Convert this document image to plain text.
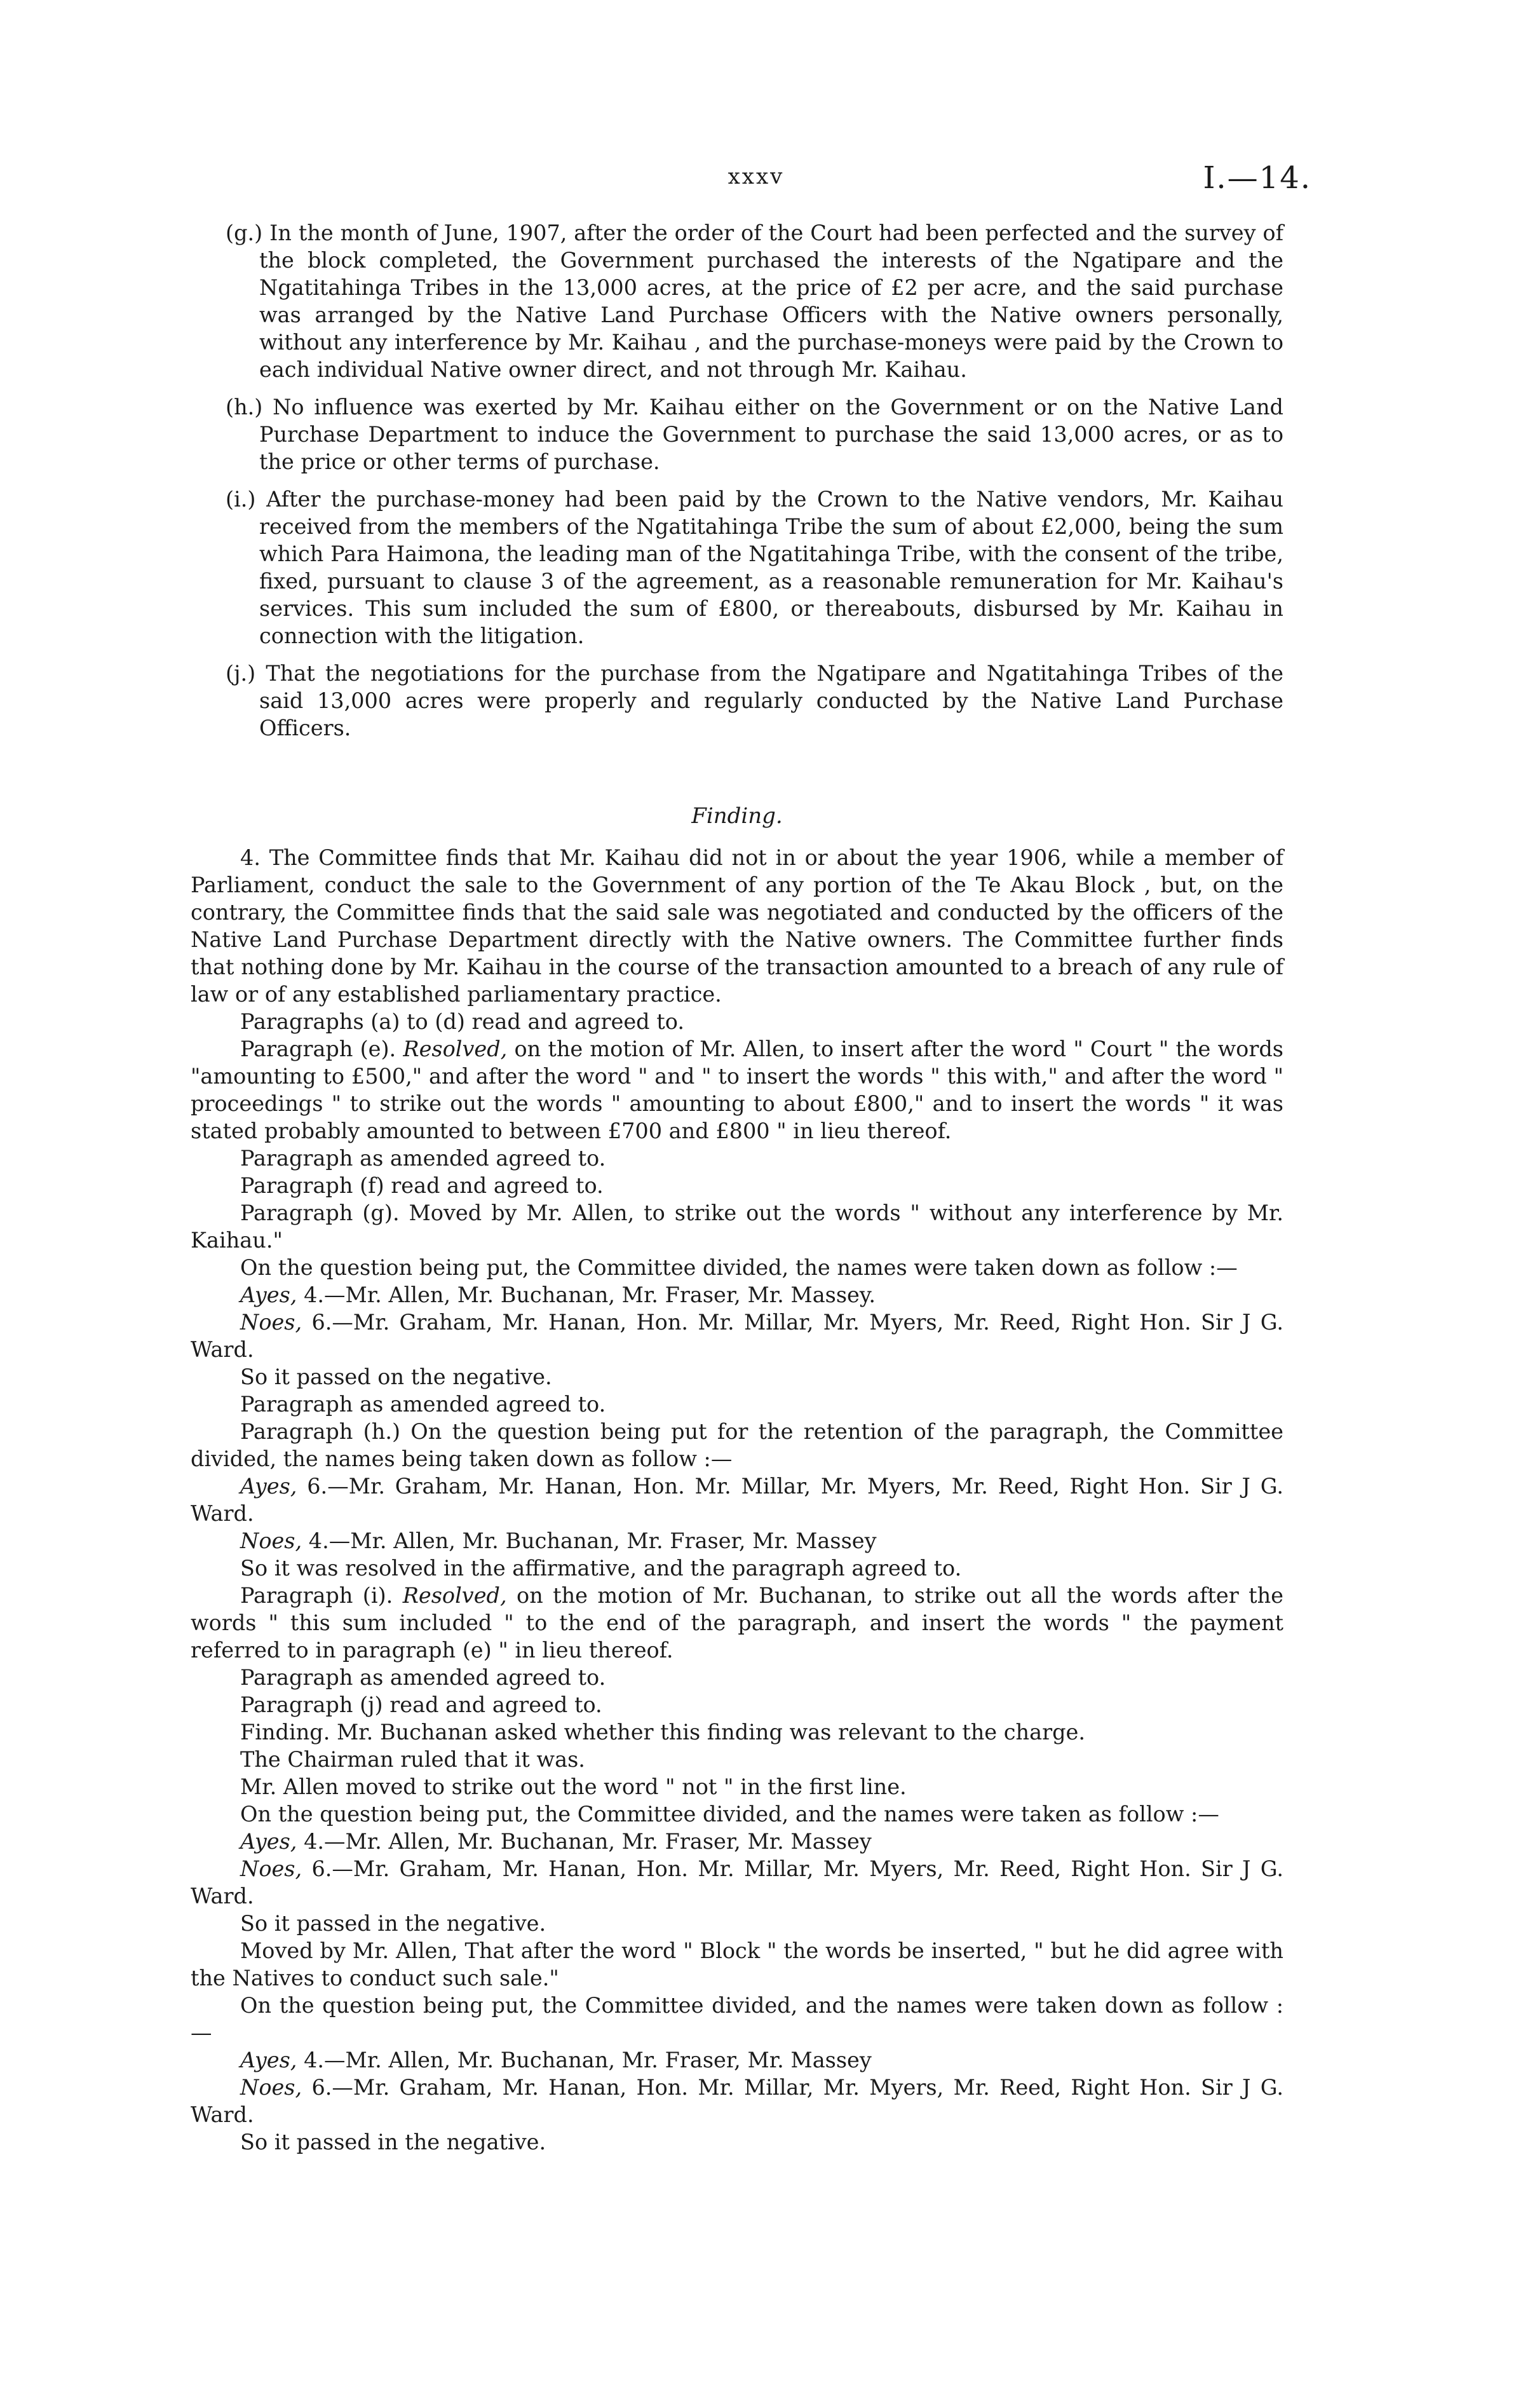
xxxv	I.—14.
(g.) In the month of June, 1907, after the order of the Court had been perfected and the survey of the block completed, the Government purchased the interests of the Ngatipare and the Ngatitahinga Tribes in the 13,000 acres, at the price of £2 per acre, and the said purchase was arranged by the Native Land Purchase Officers with the Native owners personally, without any interference by Mr. Kaihau , and the purchase-moneys were paid by the Crown to each individual Native owner direct, and not through Mr. Kaihau.
(h.) No influence was exerted by Mr. Kaihau either on the Government or on the Native Land Purchase Department to induce the Government to purchase the said 13,000 acres, or as to the price or other terms of purchase.
(i.) After the purchase-money had been paid by the Crown to the Native vendors, Mr. Kaihau received from the members of the Ngatitahinga Tribe the sum of about £2,000, being the sum which Para Haimona, the leading man of the Ngatitahinga Tribe, with the consent of the tribe, fixed, pursuant to clause 3 of the agreement, as a reasonable remuneration for Mr. Kaihau's services. This sum included the sum of £800, or thereabouts, disbursed by Mr. Kaihau in connection with the litigation.
(j.) That the negotiations for the purchase from the Ngatipare and Ngatitahinga Tribes of the said 13,000 acres were properly and regularly conducted by the Native Land Purchase Officers.
Finding.

4. The Committee finds that Mr. Kaihau did not in or about the year 1906, while a member of Parliament, conduct the sale to the Government of any portion of the Te Akau Block , but, on the contrary, the Committee finds that the said sale was negotiated and conducted by the officers of the Native Land Purchase Department directly with the Native owners. The Committee further finds that nothing done by Mr. Kaihau in the course of the transaction amounted to a breach of any rule of law or of any established parliamentary practice.

Paragraphs (a) to (d) read and agreed to.

Paragraph (e). Resolved, on the motion of Mr. Allen, to insert after the word " Court " the words "amounting to £500," and after the word " and " to insert the words " this with," and after the word " proceedings " to strike out the words " amounting to about £800," and to insert the words " it was stated probably amounted to between £700 and £800 " in lieu thereof.

Paragraph as amended agreed to.

Paragraph (f) read and agreed to.

Paragraph (g). Moved by Mr. Allen, to strike out the words " without any interference by Mr. Kaihau."

On the question being put, the Committee divided, the names were taken down as follow :—

Ayes, 4.—Mr. Allen, Mr. Buchanan, Mr. Fraser, Mr. Massey.

Noes, 6.—Mr. Graham, Mr. Hanan, Hon. Mr. Millar, Mr. Myers, Mr. Reed, Right Hon. Sir J G. Ward.

So it passed on the negative.

Paragraph as amended agreed to.

Paragraph (h.) On the question being put for the retention of the paragraph, the Committee divided, the names being taken down as follow :—

Ayes, 6.—Mr. Graham, Mr. Hanan, Hon. Mr. Millar, Mr. Myers, Mr. Reed, Right Hon. Sir J G. Ward.

Noes, 4.—Mr. Allen, Mr. Buchanan, Mr. Fraser, Mr. Massey

So it was resolved in the affirmative, and the paragraph agreed to.

Paragraph (i). Resolved, on the motion of Mr. Buchanan, to strike out all the words after the words " this sum included " to the end of the paragraph, and insert the words " the payment referred to in paragraph (e) " in lieu thereof.

Paragraph as amended agreed to.

Paragraph (j) read and agreed to.

Finding. Mr. Buchanan asked whether this finding was relevant to the charge.

The Chairman ruled that it was.

Mr. Allen moved to strike out the word " not " in the first line.

On the question being put, the Committee divided, and the names were taken as follow :—

Ayes, 4.—Mr. Allen, Mr. Buchanan, Mr. Fraser, Mr. Massey

Noes, 6.—Mr. Graham, Mr. Hanan, Hon. Mr. Millar, Mr. Myers, Mr. Reed, Right Hon. Sir J G. Ward.

So it passed in the negative.

Moved by Mr. Allen, That after the word " Block " the words be inserted, " but he did agree with the Natives to conduct such sale."

On the question being put, the Committee divided, and the names were taken down as follow :—

Ayes, 4.—Mr. Allen, Mr. Buchanan, Mr. Fraser, Mr. Massey

Noes, 6.—Mr. Graham, Mr. Hanan, Hon. Mr. Millar, Mr. Myers, Mr. Reed, Right Hon. Sir J G. Ward.

So it passed in the negative.
